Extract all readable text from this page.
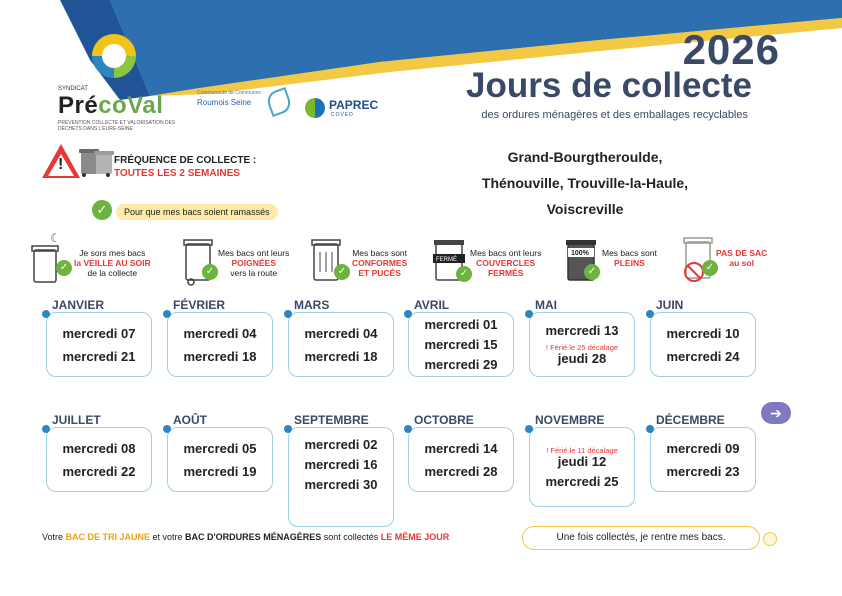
SYNDICAT
PrécoVal
PRÉVENTION COLLECTE ET VALORISATION DES DÉCHETS DANS L'EURE-SEINE
Communauté de Communes
Roumois Seine	PAPREC
COVED
2026
Jours de collecte
des ordures ménagères et des emballages recyclables
!	FRÉQUENCE DE COLLECTE :
TOUTES LES 2 SEMAINES
Grand-Bourgtheroulde,
Thénouville, Trouville-la-Haule,
Voiscreville
✓	Pour que mes bacs soient ramassés
☾
✓
Je sors mes bacs
la VEILLE AU SOIR
de la collecte	✓
Mes bacs ont leurs
POIGNÉES
vers la route	✓
Mes bacs sont
CONFORMES
ET PUCÉS
FERMÉ
✓
Mes bacs ont leurs
COUVERCLES
FERMÉS
100%
✓
Mes bacs sont
PLEINS	✓
PAS DE SAC
au sol
JANVIER
mercredi 07
mercredi 21
FÉVRIER
mercredi 04
mercredi 18
MARS
mercredi 04
mercredi 18
AVRIL
mercredi 01
mercredi 15
mercredi 29
MAI
mercredi 13
! Férié le 25 décalage
jeudi 28
JUIN
mercredi 10
mercredi 24
JUILLET
mercredi 08
mercredi 22
AOÛT
mercredi 05
mercredi 19
SEPTEMBRE
mercredi 02
mercredi 16
mercredi 30
OCTOBRE
mercredi 14
mercredi 28
NOVEMBRE
! Férié le 11 décalage
jeudi 12
mercredi 25
DÉCEMBRE
mercredi 09
mercredi 23
➔
Votre BAC DE TRI JAUNE et votre BAC D'ORDURES MÉNAGÈRES sont collectés LE MÊME JOUR	Une fois collectés, je rentre mes bacs.
